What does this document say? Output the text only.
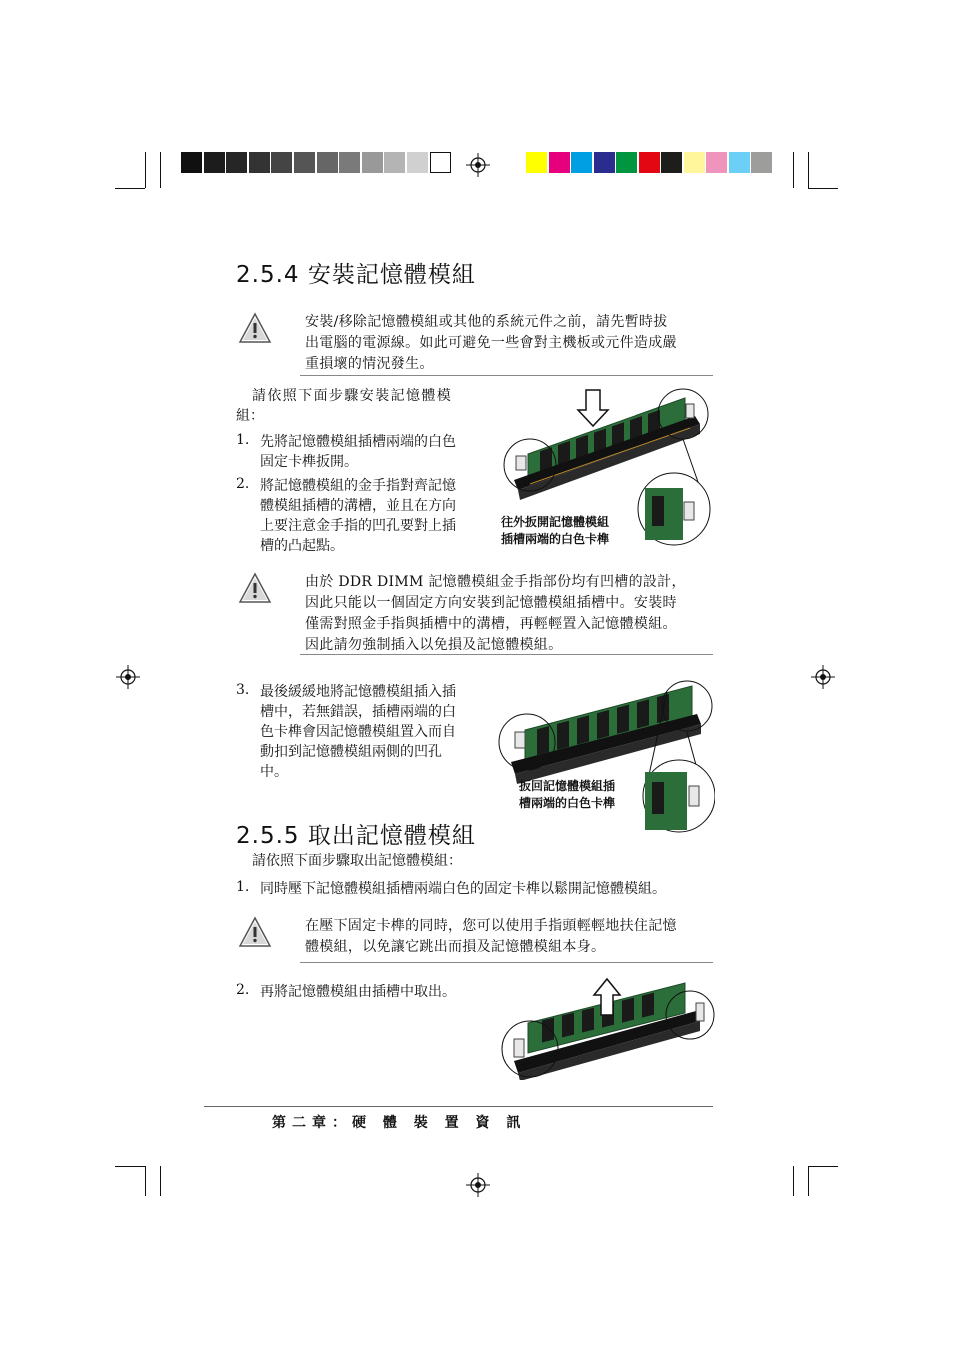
2.5.4 安裝記憶體模組
安裝/移除記憶體模組或其他的系統元件之前，請先暫時拔
出電腦的電源線。如此可避免一些會對主機板或元件造成嚴
重損壞的情況發生。
請依照下面步驟安裝記憶體模
組：
1. 先將記憶體模組插槽兩端的白色
固定卡榫扳開。
2. 將記憶體模組的金手指對齊記憶
體模組插槽的溝槽，並且在方向
上要注意金手指的凹孔要對上插
槽的凸起點。
往外扳開記憶體模組
插槽兩端的白色卡榫
由於 DDR DIMM 記憶體模組金手指部份均有凹槽的設計，
因此只能以一個固定方向安裝到記憶體模組插槽中。安裝時
僅需對照金手指與插槽中的溝槽，再輕輕置入記憶體模組。
因此請勿強制插入以免損及記憶體模組。
3. 最後緩緩地將記憶體模組插入插
槽中，若無錯誤，插槽兩端的白
色卡榫會因記憶體模組置入而自
動扣到記憶體模組兩側的凹孔
中。
扳回記憶體模組插
槽兩端的白色卡榫
2.5.5 取出記憶體模組
請依照下面步驟取出記憶體模組：
1. 同時壓下記憶體模組插槽兩端白色的固定卡榫以鬆開記憶體模組。
在壓下固定卡榫的同時，您可以使用手指頭輕輕地扶住記憶
體模組，以免讓它跳出而損及記憶體模組本身。
2. 再將記憶體模組由插槽中取出。
第二章：硬 體 裝 置 資 訊
